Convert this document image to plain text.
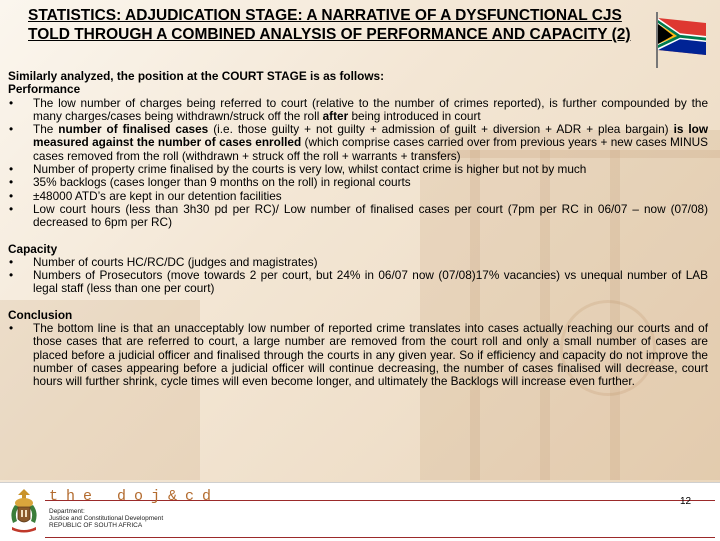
STATISTICS: ADJUDICATION STAGE: A NARRATIVE OF A DYSFUNCTIONAL CJS TOLD THROUGH A COMBINED ANALYSIS OF PERFORMANCE AND CAPACITY (2)
Similarly analyzed, the position at the COURT STAGE is as follows:
Performance
• The low number of charges being referred to court (relative to the number of crimes reported), is further compounded by the many charges/cases being withdrawn/struck off the roll after being introduced in court
• The number of finalised cases (i.e. those guilty + not guilty + admission of guilt + diversion + ADR + plea bargain) is low measured against the number of cases enrolled (which comprise cases carried over from previous years + new cases MINUS cases removed from the roll (withdrawn + struck off the roll + warrants + transfers)
• Number of property crime finalised by the courts is very low, whilst contact crime is higher but not by much
• 35% backlogs (cases longer than 9 months on the roll) in regional courts
• ±48000 ATD’s are kept in our detention facilities
• Low court hours (less than 3h30 pd per RC)/ Low number of finalised cases per court (7pm per RC in 06/07 – now (07/08) decreased to 6pm per RC)
Capacity
• Number of courts HC/RC/DC (judges and magistrates)
• Numbers of Prosecutors (move towards 2 per court, but 24% in 06/07 now (07/08)17% vacancies) vs unequal number of LAB legal staff (less than one per court)
Conclusion
• The bottom line is that an unacceptably low number of reported crime translates into cases actually reaching our courts and of those cases that are referred to court, a large number are removed from the court roll and only a small number of cases are placed before a judicial officer and finalised through the courts in any given year. So if efficiency and capacity do not improve the number of cases appearing before a judicial officer will continue decreasing, the number of cases finalised will decrease, court hours will further shrink, cycle times will even become longer, and ultimately the Backlogs will increase even further.
the doj&cd
Department:
Justice and Constitutional Development
REPUBLIC OF SOUTH AFRICA
12
